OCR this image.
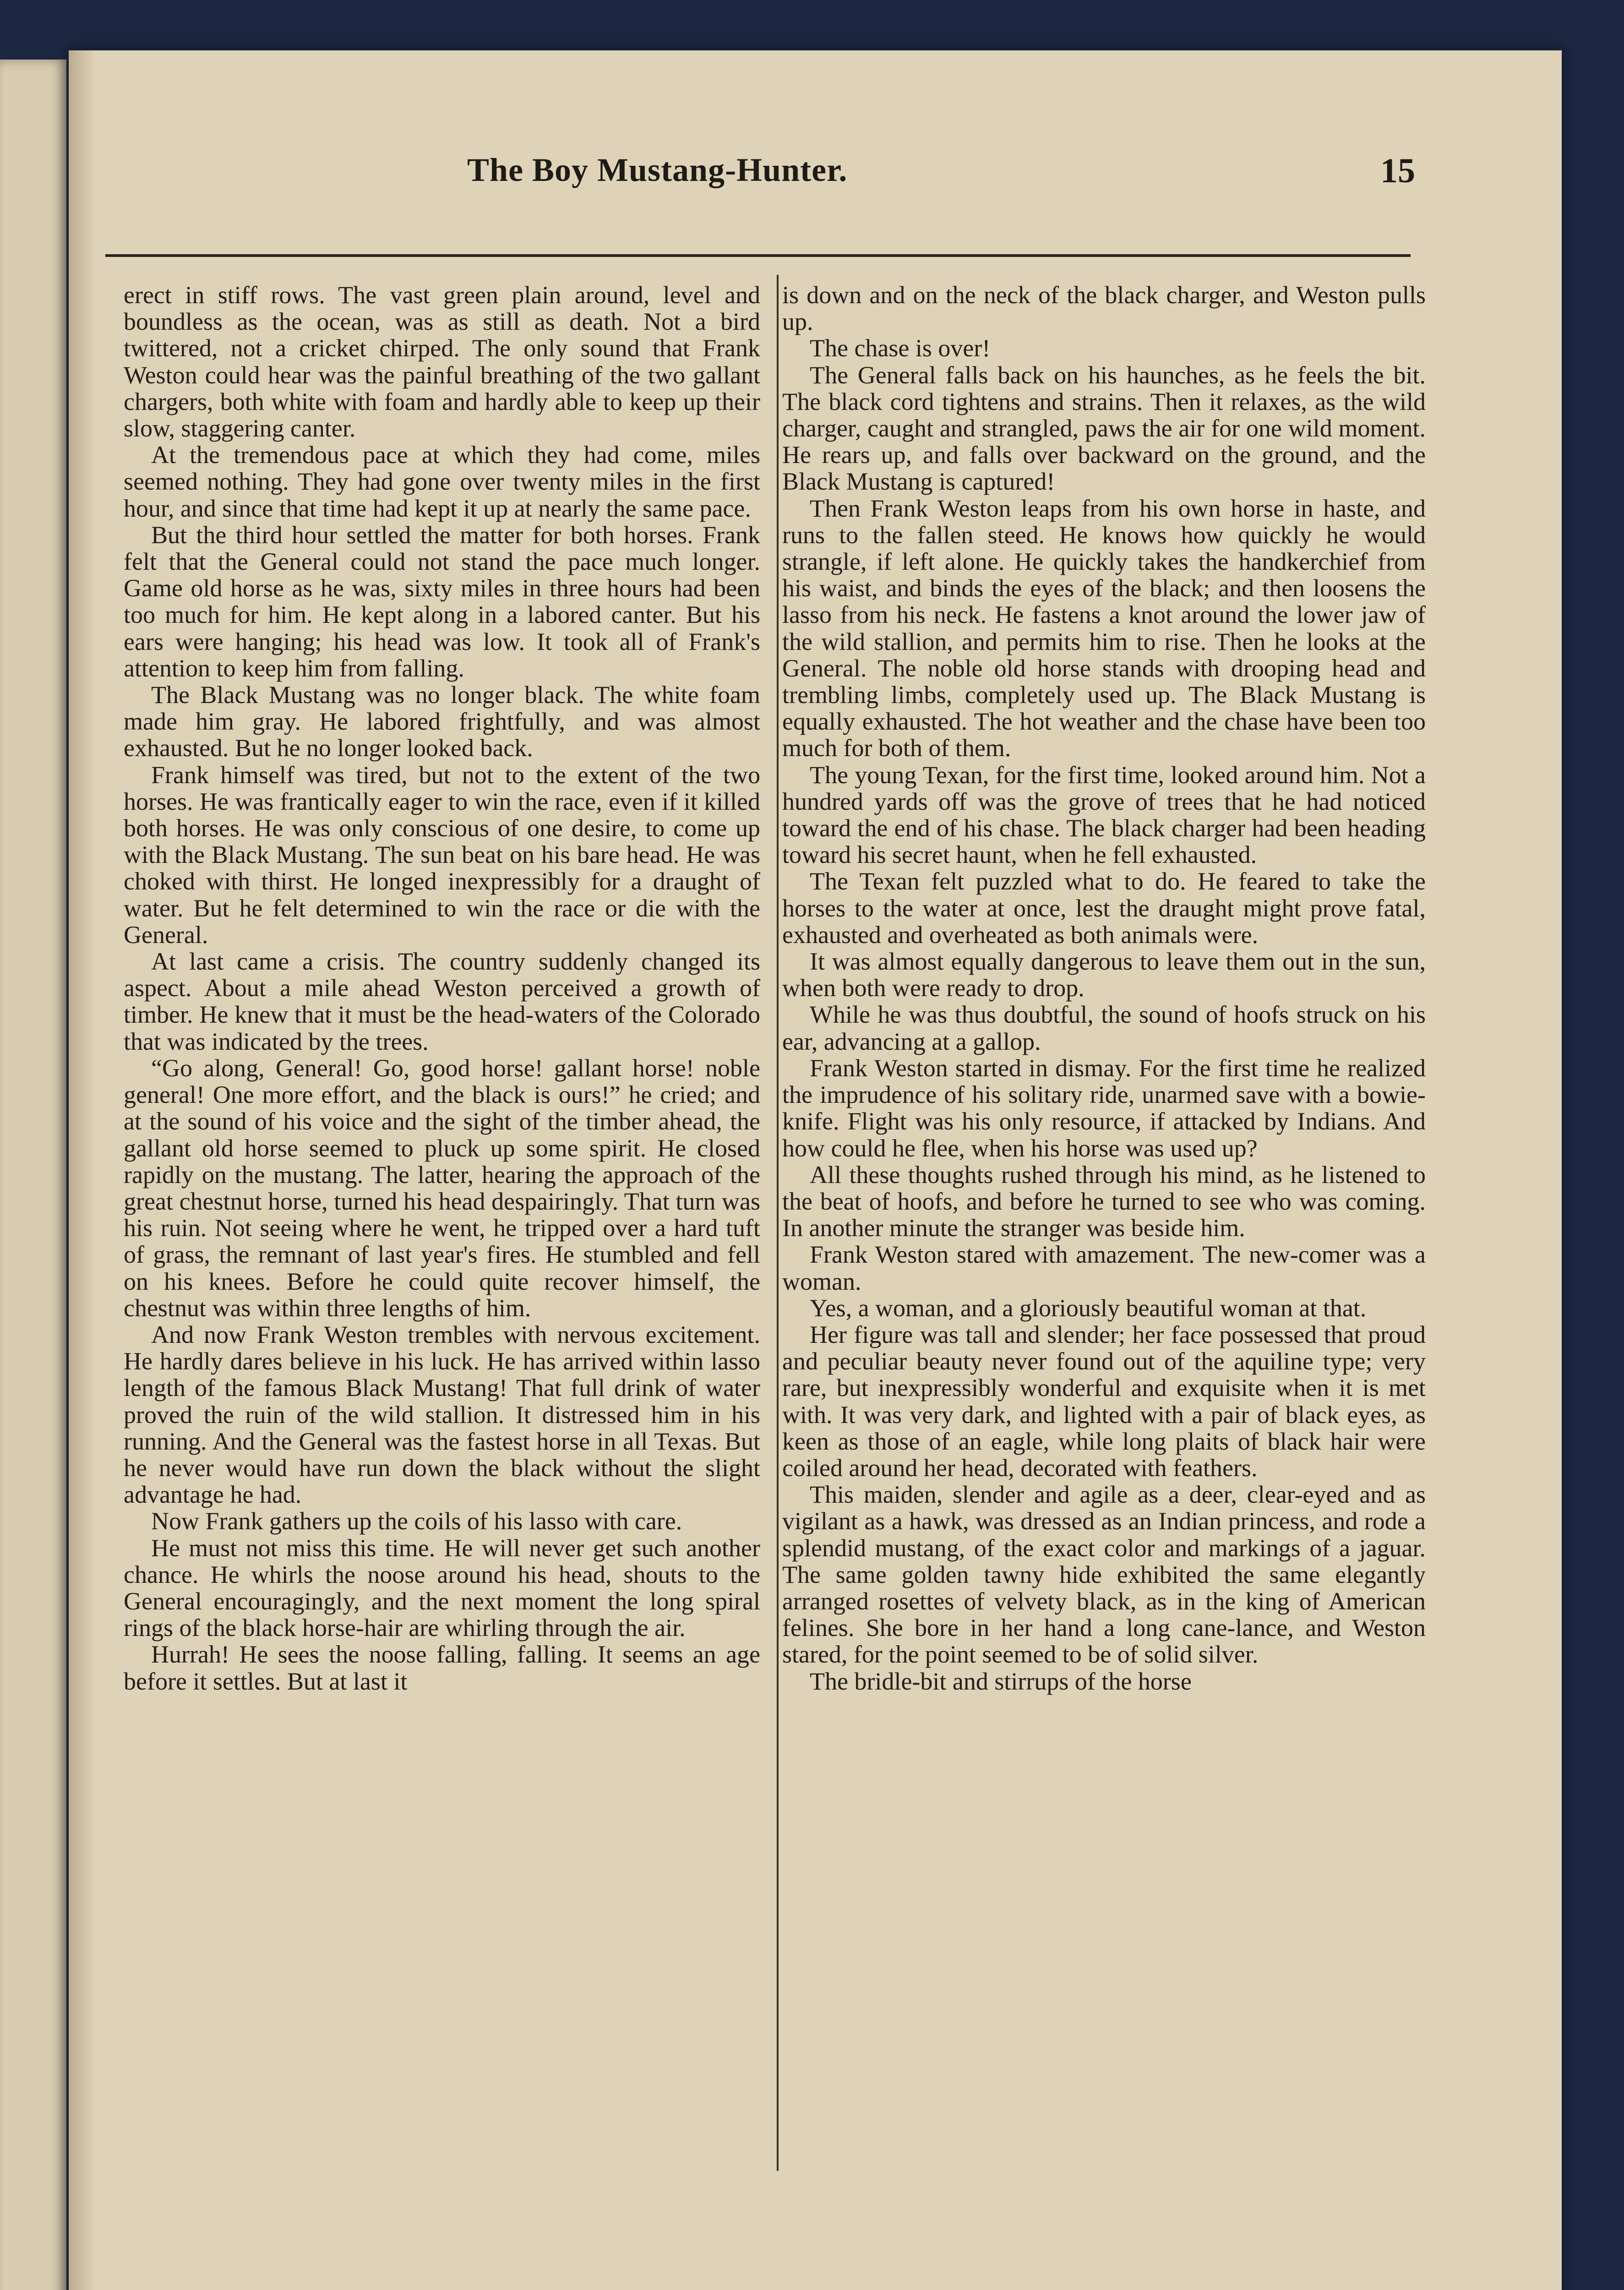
The Boy Mustang-Hunter.	15

erect in stiff rows. The vast green plain around, level and boundless as the ocean, was as still as death. Not a bird twittered, not a cricket chirped. The only sound that Frank Weston could hear was the painful breathing of the two gallant chargers, both white with foam and hardly able to keep up their slow, staggering canter.

At the tremendous pace at which they had come, miles seemed nothing. They had gone over twenty miles in the first hour, and since that time had kept it up at nearly the same pace.

But the third hour settled the matter for both horses. Frank felt that the General could not stand the pace much longer. Game old horse as he was, sixty miles in three hours had been too much for him. He kept along in a labored canter. But his ears were hanging; his head was low. It took all of Frank's attention to keep him from falling.

The Black Mustang was no longer black. The white foam made him gray. He labored frightfully, and was almost exhausted. But he no longer looked back.

Frank himself was tired, but not to the extent of the two horses. He was frantically eager to win the race, even if it killed both horses. He was only conscious of one desire, to come up with the Black Mustang. The sun beat on his bare head. He was choked with thirst. He longed inexpressibly for a draught of water. But he felt determined to win the race or die with the General.

At last came a crisis. The country suddenly changed its aspect. About a mile ahead Weston perceived a growth of timber. He knew that it must be the head-waters of the Colorado that was indicated by the trees.

“Go along, General! Go, good horse! gallant horse! noble general! One more effort, and the black is ours!” he cried; and at the sound of his voice and the sight of the timber ahead, the gallant old horse seemed to pluck up some spirit. He closed rapidly on the mustang. The latter, hearing the approach of the great chestnut horse, turned his head despairingly. That turn was his ruin. Not seeing where he went, he tripped over a hard tuft of grass, the remnant of last year's fires. He stumbled and fell on his knees. Before he could quite recover himself, the chestnut was within three lengths of him.

And now Frank Weston trembles with nervous excitement. He hardly dares believe in his luck. He has arrived within lasso length of the famous Black Mustang! That full drink of water proved the ruin of the wild stallion. It distressed him in his running. And the General was the fastest horse in all Texas. But he never would have run down the black without the slight advantage he had.

Now Frank gathers up the coils of his lasso with care.

He must not miss this time. He will never get such another chance. He whirls the noose around his head, shouts to the General encouragingly, and the next moment the long spiral rings of the black horse-hair are whirling through the air.

Hurrah! He sees the noose falling, falling. It seems an age before it settles. But at last it

is down and on the neck of the black charger, and Weston pulls up.

The chase is over!

The General falls back on his haunches, as he feels the bit. The black cord tightens and strains. Then it relaxes, as the wild charger, caught and strangled, paws the air for one wild moment. He rears up, and falls over backward on the ground, and the Black Mustang is captured!

Then Frank Weston leaps from his own horse in haste, and runs to the fallen steed. He knows how quickly he would strangle, if left alone. He quickly takes the handkerchief from his waist, and binds the eyes of the black; and then loosens the lasso from his neck. He fastens a knot around the lower jaw of the wild stallion, and permits him to rise. Then he looks at the General. The noble old horse stands with drooping head and trembling limbs, completely used up. The Black Mustang is equally exhausted. The hot weather and the chase have been too much for both of them.

The young Texan, for the first time, looked around him. Not a hundred yards off was the grove of trees that he had noticed toward the end of his chase. The black charger had been heading toward his secret haunt, when he fell exhausted.

The Texan felt puzzled what to do. He feared to take the horses to the water at once, lest the draught might prove fatal, exhausted and overheated as both animals were.

It was almost equally dangerous to leave them out in the sun, when both were ready to drop.

While he was thus doubtful, the sound of hoofs struck on his ear, advancing at a gallop.

Frank Weston started in dismay. For the first time he realized the imprudence of his solitary ride, unarmed save with a bowie-knife. Flight was his only resource, if attacked by Indians. And how could he flee, when his horse was used up?

All these thoughts rushed through his mind, as he listened to the beat of hoofs, and before he turned to see who was coming. In another minute the stranger was beside him.

Frank Weston stared with amazement. The new-comer was a woman.

Yes, a woman, and a gloriously beautiful woman at that.

Her figure was tall and slender; her face possessed that proud and peculiar beauty never found out of the aquiline type; very rare, but inexpressibly wonderful and exquisite when it is met with. It was very dark, and lighted with a pair of black eyes, as keen as those of an eagle, while long plaits of black hair were coiled around her head, decorated with feathers.

This maiden, slender and agile as a deer, clear-eyed and as vigilant as a hawk, was dressed as an Indian princess, and rode a splendid mustang, of the exact color and markings of a jaguar. The same golden tawny hide exhibited the same elegantly arranged rosettes of velvety black, as in the king of American felines. She bore in her hand a long cane-lance, and Weston stared, for the point seemed to be of solid silver.

The bridle-bit and stirrups of the horse
